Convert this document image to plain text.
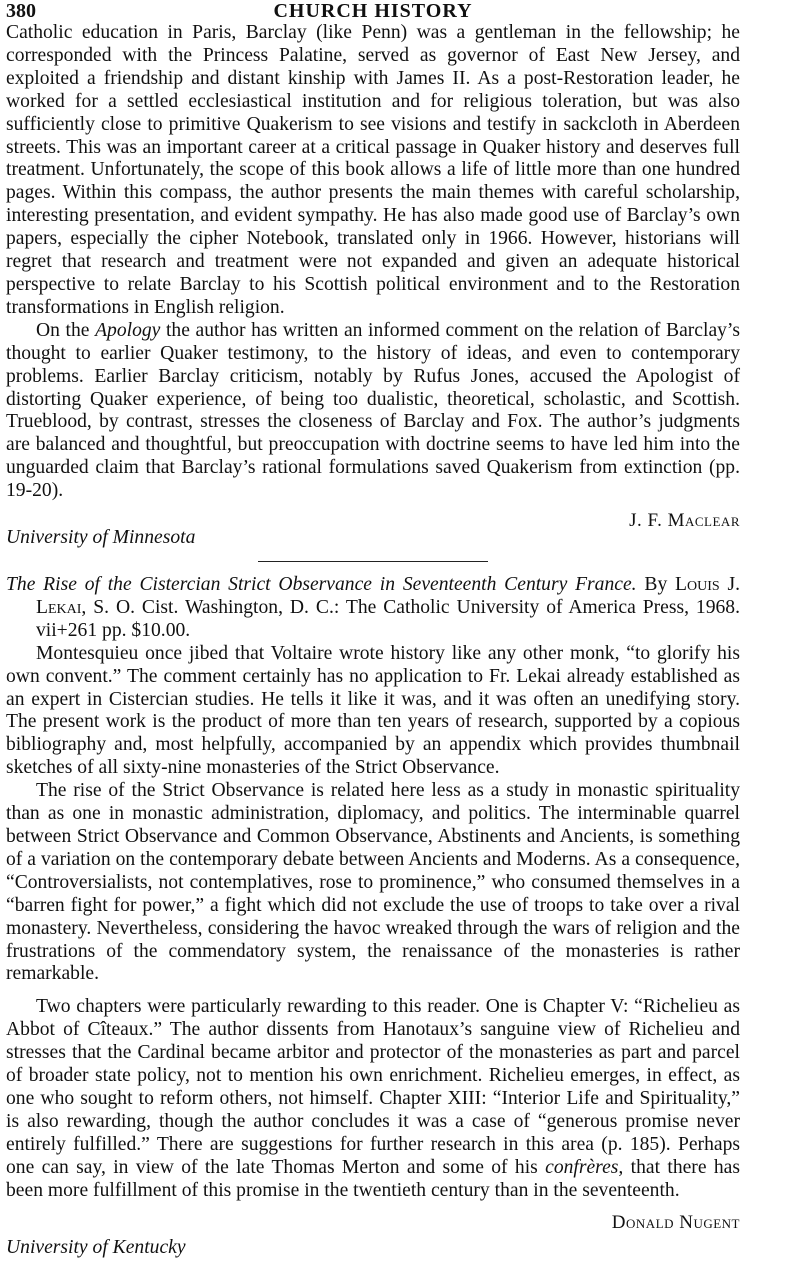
380	CHURCH HISTORY

Catholic education in Paris, Barclay (like Penn) was a gentleman in the fellowship; he corresponded with the Princess Palatine, served as governor of East New Jersey, and exploited a friendship and distant kinship with James II. As a post-Restoration leader, he worked for a settled ecclesiastical institution and for religious toleration, but was also sufficiently close to primitive Quakerism to see visions and testify in sackcloth in Aberdeen streets. This was an important career at a critical passage in Quaker history and deserves full treatment. Unfortunately, the scope of this book allows a life of little more than one hundred pages. Within this compass, the author presents the main themes with careful scholarship, interesting presentation, and evident sympathy. He has also made good use of Barclay’s own papers, especially the cipher Notebook, translated only in 1966. However, historians will regret that research and treatment were not expanded and given an adequate historical perspective to relate Barclay to his Scottish political environment and to the Restoration transformations in English religion.

On the Apology the author has written an informed comment on the relation of Barclay’s thought to earlier Quaker testimony, to the history of ideas, and even to contemporary problems. Earlier Barclay criticism, notably by Rufus Jones, accused the Apologist of distorting Quaker experience, of being too dualistic, theoretical, scholastic, and Scottish. Trueblood, by contrast, stresses the closeness of Barclay and Fox. The author’s judgments are balanced and thoughtful, but preoccupation with doctrine seems to have led him into the unguarded claim that Barclay’s rational formulations saved Quakerism from extinction (pp. 19-20).

J. F. Maclear

University of Minnesota

The Rise of the Cistercian Strict Observance in Seventeenth Century France. By Louis J. Lekai, S. O. Cist. Washington, D. C.: The Catholic University of America Press, 1968. vii+261 pp. $10.00.

Montesquieu once jibed that Voltaire wrote history like any other monk, “to glorify his own convent.” The comment certainly has no application to Fr. Lekai already established as an expert in Cistercian studies. He tells it like it was, and it was often an unedifying story. The present work is the product of more than ten years of research, supported by a copious bibliography and, most helpfully, accompanied by an appendix which provides thumbnail sketches of all sixty-nine monasteries of the Strict Observance.

The rise of the Strict Observance is related here less as a study in monastic spirituality than as one in monastic administration, diplomacy, and politics. The interminable quarrel between Strict Observance and Common Observance, Abstinents and Ancients, is something of a variation on the contemporary debate between Ancients and Moderns. As a consequence, “Controversialists, not contemplatives, rose to prominence,” who consumed themselves in a “barren fight for power,” a fight which did not exclude the use of troops to take over a rival monastery. Nevertheless, considering the havoc wreaked through the wars of religion and the frustrations of the commendatory system, the renaissance of the monasteries is rather remarkable.

Two chapters were particularly rewarding to this reader. One is Chapter V: “Richelieu as Abbot of Cîteaux.” The author dissents from Hanotaux’s sanguine view of Richelieu and stresses that the Cardinal became arbitor and protector of the monasteries as part and parcel of broader state policy, not to mention his own enrichment. Richelieu emerges, in effect, as one who sought to reform others, not himself. Chapter XIII: “Interior Life and Spirituality,” is also rewarding, though the author concludes it was a case of “generous promise never entirely fulfilled.” There are suggestions for further research in this area (p. 185). Perhaps one can say, in view of the late Thomas Merton and some of his confrères, that there has been more fulfillment of this promise in the twentieth century than in the seventeenth.

Donald Nugent

University of Kentucky
